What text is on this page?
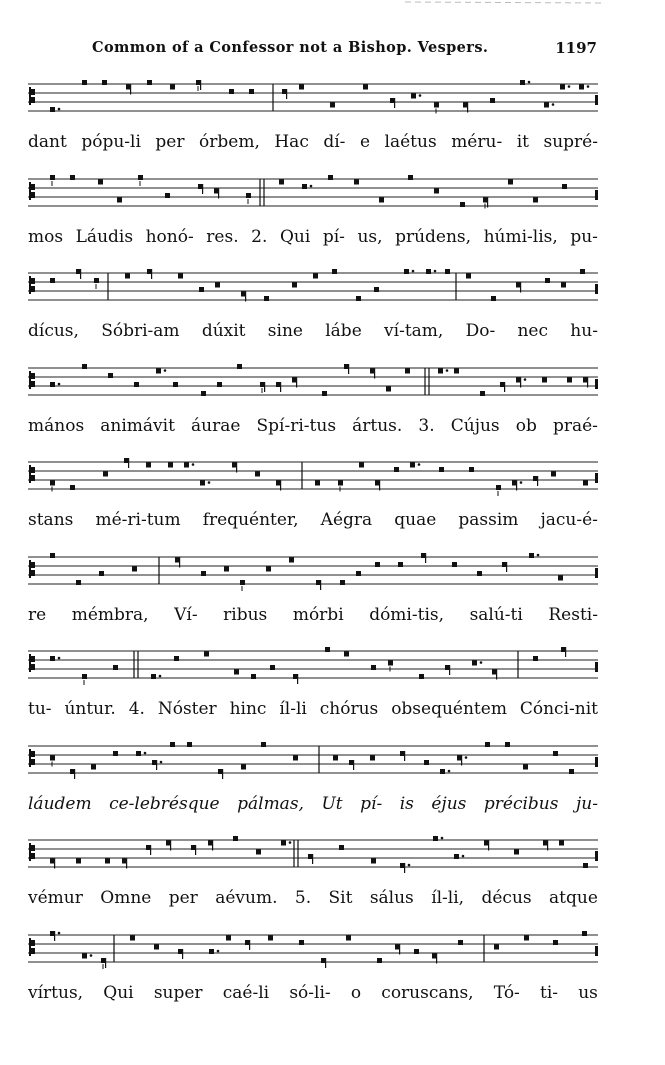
Common of a Confessor not a Bishop. Vespers.	1197
dant pópu-li per órbem, Hac dí- e laétus méru- it supré-
mos Láudis honó- res. 2. Qui pí- us, prúdens, húmi-lis, pu-
dícus, Sóbri-am dúxit sine lábe ví-tam, Do- nec hu-
mános animávit áurae Spí-ri-tus ártus. 3. Cújus ob praé-
stans mé-ri-tum frequénter, Aégra quae passim jacu-é-
re mémbra, Ví- ribus mórbi dómi-tis, salú-ti Resti-
tu- úntur. 4. Nóster hinc íl-li chórus obsequéntem Cónci-nit
láudem ce-lebrésque pálmas, Ut pí- is éjus précibus ju-
vémur Omne per aévum. 5. Sit sálus íl-li, décus atque
vírtus, Qui super caé-li só-li- o coruscans, Tó- ti- us
